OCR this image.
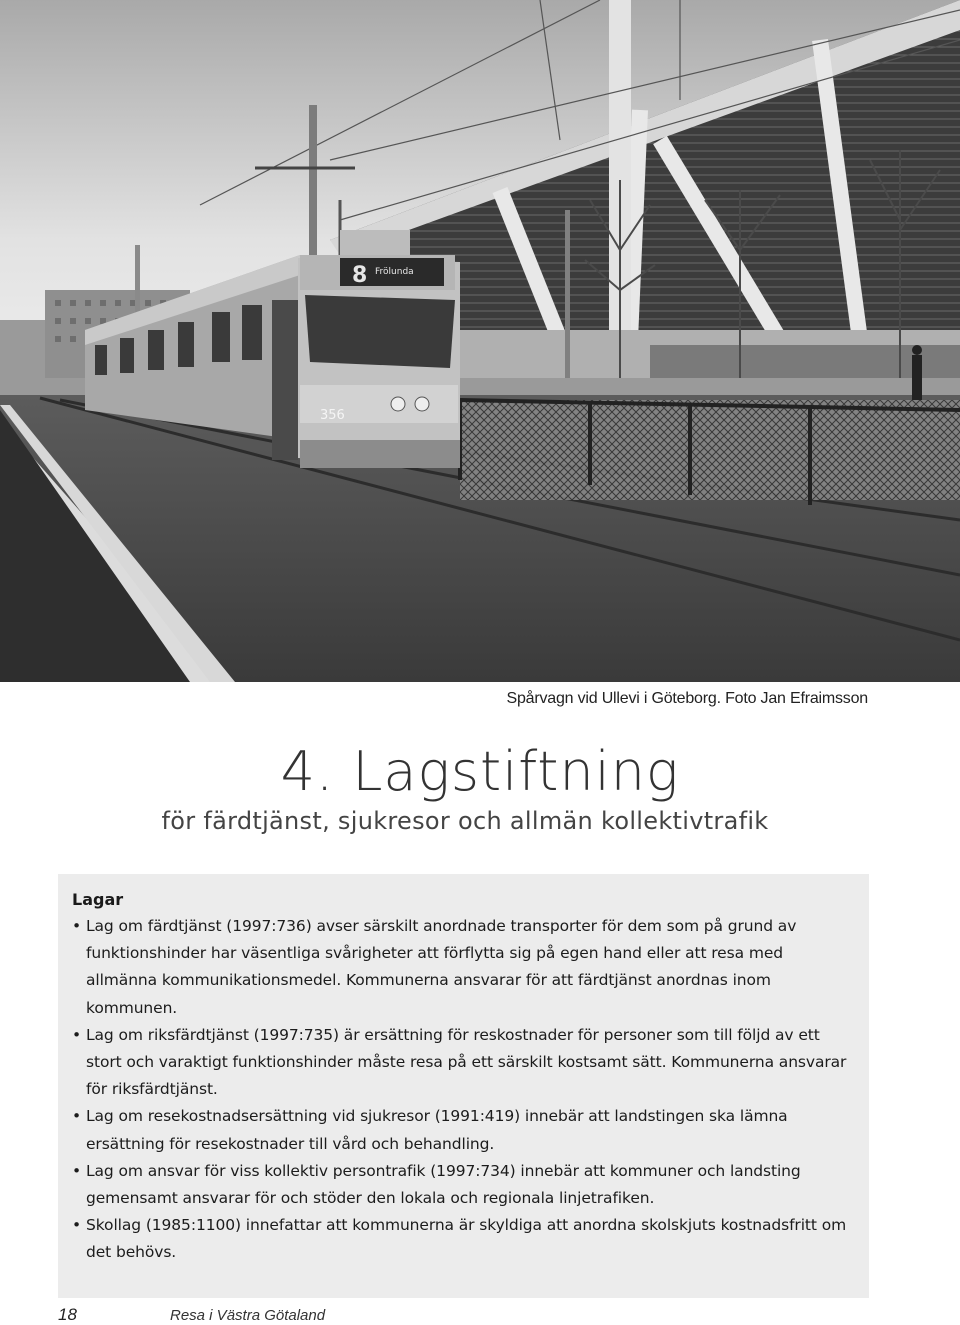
8 Frölunda
356
Spårvagn vid Ullevi i Göteborg. Foto Jan Efraimsson
4. Lagstiftning
för färdtjänst, sjukresor och allmän kollektivtrafik
Lagar
• Lag om färdtjänst (1997:736) avser särskilt anordnade transporter för dem som på grund av funktionshinder har väsentliga svårigheter att förflytta sig på egen hand eller att resa med allmänna kommunikationsmedel. Kommunerna ansvarar för att färdtjänst anordnas inom kommunen.
• Lag om riksfärdtjänst (1997:735) är ersättning för reskostnader för personer som till följd av ett stort och varaktigt funktionshinder måste resa på ett särskilt kostsamt sätt. Kommunerna ansvarar för riksfärdtjänst.
• Lag om resekostnadsersättning vid sjukresor (1991:419) innebär att landstingen ska lämna ersättning för resekostnader till vård och behandling.
• Lag om ansvar för viss kollektiv persontrafik (1997:734) innebär att kommuner och landsting gemensamt ansvarar för och stöder den lokala och regionala linjetrafiken.
• Skollag (1985:1100) innefattar att kommunerna är skyldiga att anordna skolskjuts kostnadsfritt om det behövs.
18	Resa i Västra Götaland
